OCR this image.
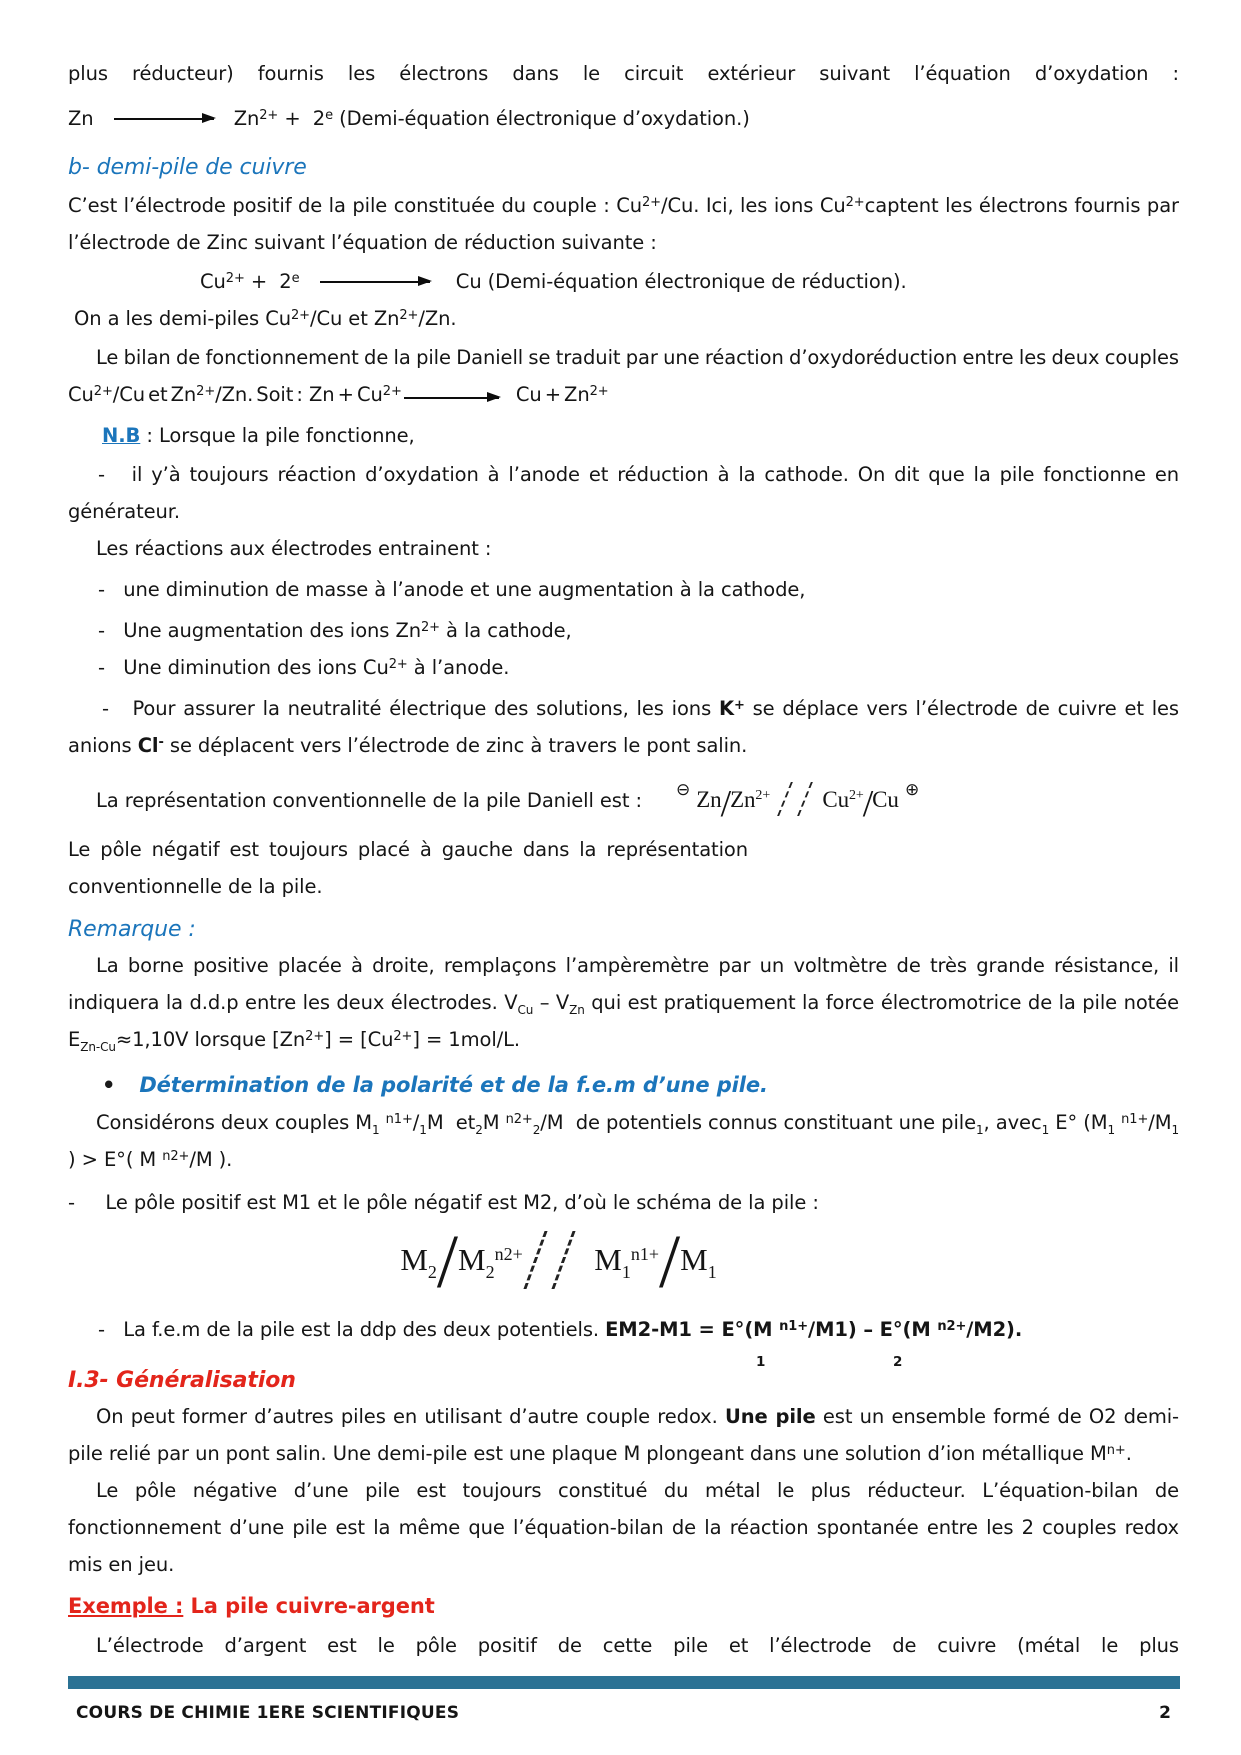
plus réducteur) fournis les électrons dans le circuit extérieur suivant l’équation d’oxydation :

Zn	$Zn^{2+} + 2e$ (Demi-équation électronique d’oxydation.)

b- demi-pile de cuivre

C’est l’électrode positif de la pile constituée du couple : $Cu^{2+}/Cu$. Ici, les ions $Cu^{2+}captent$ les électrons fournis par l’électrode de Zinc suivant l’équation de réduction suivante :

$Cu^{2+} + 2e$	Cu (Demi-équation électronique de réduction).

On a les demi-piles $Cu^{2+}/Cu$ et $Zn^{2+}/Zn$.

Le bilan de fonctionnement de la pile Daniell se traduit par une réaction d’oxydoréduction entre les deux couples $Cu^{2+}/Cu$ et $Zn^{2+}/Zn$. Soit :  $Zn + Cu^{2+}$	$Cu + Zn^{2+}$

N.B : Lorsque la pile fonctionne,

-   il y’à toujours réaction d’oxydation à l’anode et réduction à la cathode. On dit que la pile fonctionne en générateur.

Les réactions aux électrodes entrainent :

-   une diminution de masse à l’anode et une augmentation à la cathode,

-   Une augmentation des ions $Zn^{2+}$ à la cathode,

-   Une diminution des ions $Cu^{2+}$ à l’anode.

-   Pour assurer la neutralité électrique des solutions, les ions K+ se déplace vers l’électrode de cuivre et les anions Cl- se déplacent vers l’électrode de zinc à travers le pont salin.

La représentation conventionnelle de la pile Daniell est : ⊖ $Zn/Zn^{2+}$ $Cu^{2+}/Cu$ ⊕

Le pôle négatif est toujours placé à gauche dans la représentation conventionnelle de la pile.

Remarque :

La borne positive placée à droite, remplaçons l’ampèremètre par un voltmètre de très grande résistance, il indiquera la d.d.p entre les deux électrodes. $V_{Cu} - V_{Zn}$ qui est pratiquement la force électromotrice de la pile notée $E_{Zn-Cu}\approx 1,10V$ lorsque $[Zn^{2+}] = [Cu^{2+}] = 1mol/L$.

• Détermination de la polarité et de la f.e.m d’une pile.

Considérons deux couples $M_1$ $^{n1+}/_1M$  $et_2M$ $^{n2+}_2$/M  de potentiels connus constituant une pile$_1$, avec$_1$ E° ($M_1$ $^{n1+}/M_1$ ) > E°( M $^{n2+}$/M ).

-     Le pôle positif est M1 et le pôle négatif est M2, d’où le schéma de la pile :

$M_2 / M_2^{n2+}$ $M_1^{n1+} / M_1$

-   La f.e.m de la pile est la ddp des deux potentiels. EM2-M1 = E°(M $^{n1+}$/M1) – E°(M $^{n2+}$/M2).
1	2

I.3- Généralisation

On peut former d’autres piles en utilisant d’autre couple redox. Une pile est un ensemble formé de O2 demi-pile relié par un pont salin. Une demi-pile est une plaque M plongeant dans une solution d’ion métallique $M^{n+}$.

Le pôle négative d’une pile est toujours constitué du métal le plus réducteur. L’équation-bilan de fonctionnement d’une pile est la même que l’équation-bilan de la réaction spontanée entre les 2 couples redox mis en jeu.

Exemple : La pile cuivre-argent

L’électrode d’argent est le pôle positif de cette pile et l’électrode de cuivre (métal le plus

COURS DE CHIMIE 1ERE SCIENTIFIQUES	2
